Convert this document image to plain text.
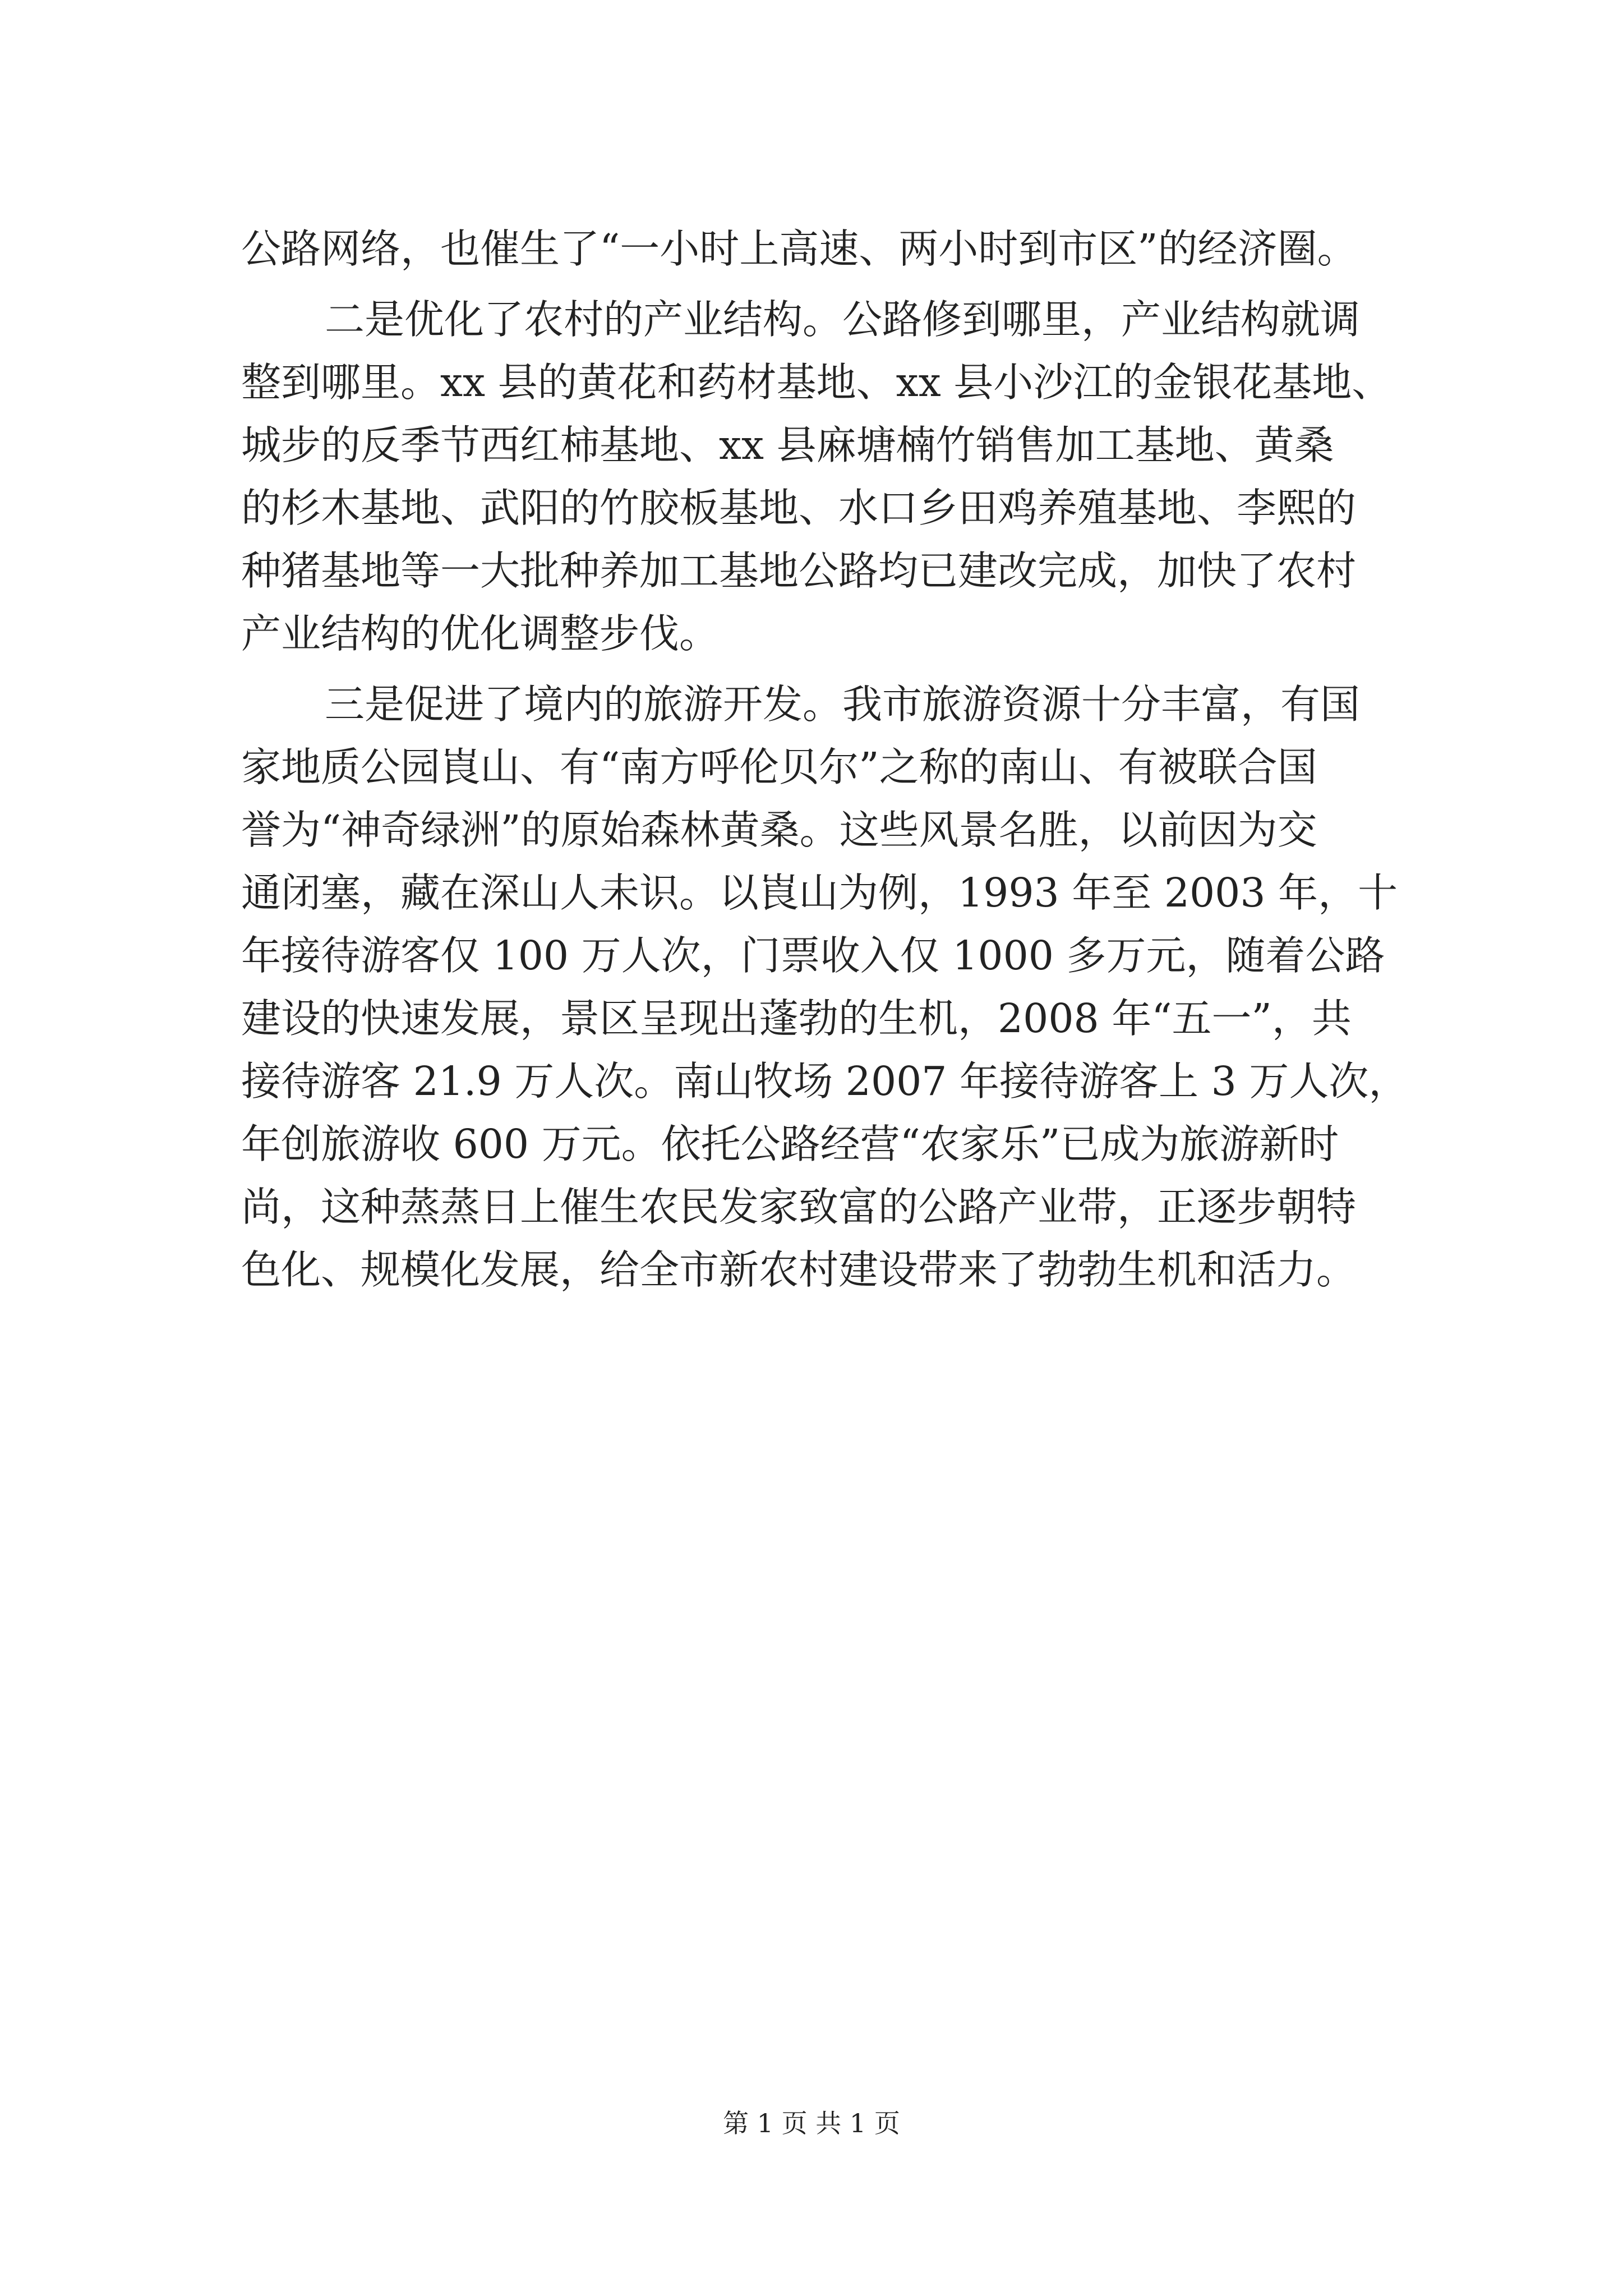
公路网络，也催生了“一小时上高速、两小时到市区”的经济圈。
二是优化了农村的产业结构。公路修到哪里，产业结构就调
整到哪里。xx 县的黄花和药材基地、xx 县小沙江的金银花基地、
城步的反季节西红柿基地、xx 县麻塘楠竹销售加工基地、黄桑
的杉木基地、武阳的竹胶板基地、水口乡田鸡养殖基地、李熙的
种猪基地等一大批种养加工基地公路均已建改完成，加快了农村
产业结构的优化调整步伐。
三是促进了境内的旅游开发。我市旅游资源十分丰富，有国
家地质公园崀山、有“南方呼伦贝尔”之称的南山、有被联合国
誉为“神奇绿洲”的原始森林黄桑。这些风景名胜，以前因为交
通闭塞，藏在深山人未识。以崀山为例，1993 年至 2003 年，十
年接待游客仅 100 万人次，门票收入仅 1000 多万元，随着公路
建设的快速发展，景区呈现出蓬勃的生机，2008 年“五一”，共
接待游客 21.9 万人次。南山牧场 2007 年接待游客上 3 万人次，
年创旅游收 600 万元。依托公路经营“农家乐”已成为旅游新时
尚，这种蒸蒸日上催生农民发家致富的公路产业带，正逐步朝特
色化、规模化发展，给全市新农村建设带来了勃勃生机和活力。
第 1 页 共 1 页
